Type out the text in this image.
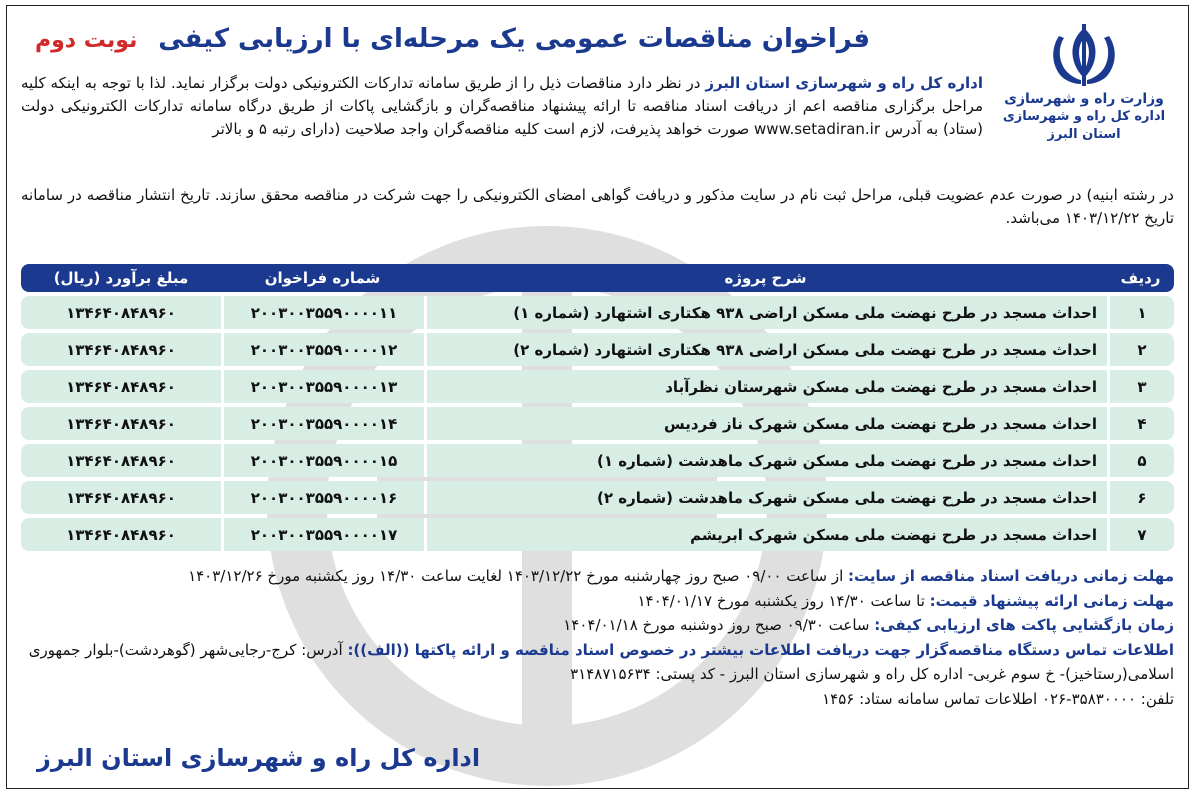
وزارت راه و شهرسازی
اداره کل راه و شهرسازی استان البرز
فراخوان مناقصات عمومی یک مرحله‌ای با ارزیابی کیفی
نوبت دوم
اداره کل راه و شهرسازی استان البرز در نظر دارد مناقصات ذیل را از طریق سامانه تدارکات الکترونیکی دولت برگزار نماید. لذا با توجه به اینکه کلیه مراحل برگزاری مناقصه اعم از دریافت اسناد مناقصه تا ارائه پیشنهاد مناقصه‌گران و بازگشایی پاکات از طریق درگاه سامانه تدارکات الکترونیکی دولت (ستاد) به آدرس www.setadiran.ir صورت خواهد پذیرفت، لازم است کلیه مناقصه‌گران واجد صلاحیت (دارای رتبه ۵ و بالاتر
در رشته ابنیه) در صورت عدم عضویت قبلی، مراحل ثبت نام در سایت مذکور و دریافت گواهی امضای الکترونیکی را جهت شرکت در مناقصه محقق سازند. تاریخ انتشار مناقصه در سامانه تاریخ ۱۴۰۳/۱۲/۲۲ می‌باشد.
ردیف	شرح پروژه	شماره فراخوان	مبلغ برآورد (ریال)
۱	احداث مسجد در طرح نهضت ملی مسکن اراضی ۹۳۸ هکتاری اشتهارد (شماره ۱)	۲۰۰۳۰۰۳۵۵۹۰۰۰۰۱۱	۱۳۴۶۴۰۸۴۸۹۶۰
۲	احداث مسجد در طرح نهضت ملی مسکن اراضی ۹۳۸ هکتاری اشتهارد (شماره ۲)	۲۰۰۳۰۰۳۵۵۹۰۰۰۰۱۲	۱۳۴۶۴۰۸۴۸۹۶۰
۳	احداث مسجد در طرح نهضت ملی مسکن شهرستان نظرآباد	۲۰۰۳۰۰۳۵۵۹۰۰۰۰۱۳	۱۳۴۶۴۰۸۴۸۹۶۰
۴	احداث مسجد در طرح نهضت ملی مسکن شهرک ناز فردیس	۲۰۰۳۰۰۳۵۵۹۰۰۰۰۱۴	۱۳۴۶۴۰۸۴۸۹۶۰
۵	احداث مسجد در طرح نهضت ملی مسکن شهرک ماهدشت (شماره ۱)	۲۰۰۳۰۰۳۵۵۹۰۰۰۰۱۵	۱۳۴۶۴۰۸۴۸۹۶۰
۶	احداث مسجد در طرح نهضت ملی مسکن شهرک ماهدشت (شماره ۲)	۲۰۰۳۰۰۳۵۵۹۰۰۰۰۱۶	۱۳۴۶۴۰۸۴۸۹۶۰
۷	احداث مسجد در طرح نهضت ملی مسکن شهرک ابریشم	۲۰۰۳۰۰۳۵۵۹۰۰۰۰۱۷	۱۳۴۶۴۰۸۴۸۹۶۰

مهلت زمانی دریافت اسناد مناقصه از سایت: از ساعت ۰۹/۰۰ صبح روز چهارشنبه مورخ ۱۴۰۳/۱۲/۲۲ لغایت ساعت ۱۴/۳۰ روز یکشنبه مورخ ۱۴۰۳/۱۲/۲۶

مهلت زمانی ارائه پیشنهاد قیمت: تا ساعت ۱۴/۳۰ روز یکشنبه مورخ ۱۴۰۴/۰۱/۱۷

زمان بازگشایی پاکت های ارزیابی کیفی: ساعت ۰۹/۳۰ صبح روز دوشنبه مورخ ۱۴۰۴/۰۱/۱۸

اطلاعات تماس دستگاه مناقصه‌گزار جهت دریافت اطلاعات بیشتر در خصوص اسناد مناقصه و ارائه پاکتها ((الف)): آدرس: کرج-رجایی‌شهر (گوهردشت)-بلوار جمهوری اسلامی(رستاخیز)- خ سوم غربی- اداره کل راه و شهرسازی استان البرز - کد پستی: ۳۱۴۸۷۱۵۶۳۴

تلفن: ۳۵۸۳۰۰۰۰-۰۲۶ اطلاعات تماس سامانه ستاد: ۱۴۵۶

اداره کل راه و شهرسازی استان البرز
